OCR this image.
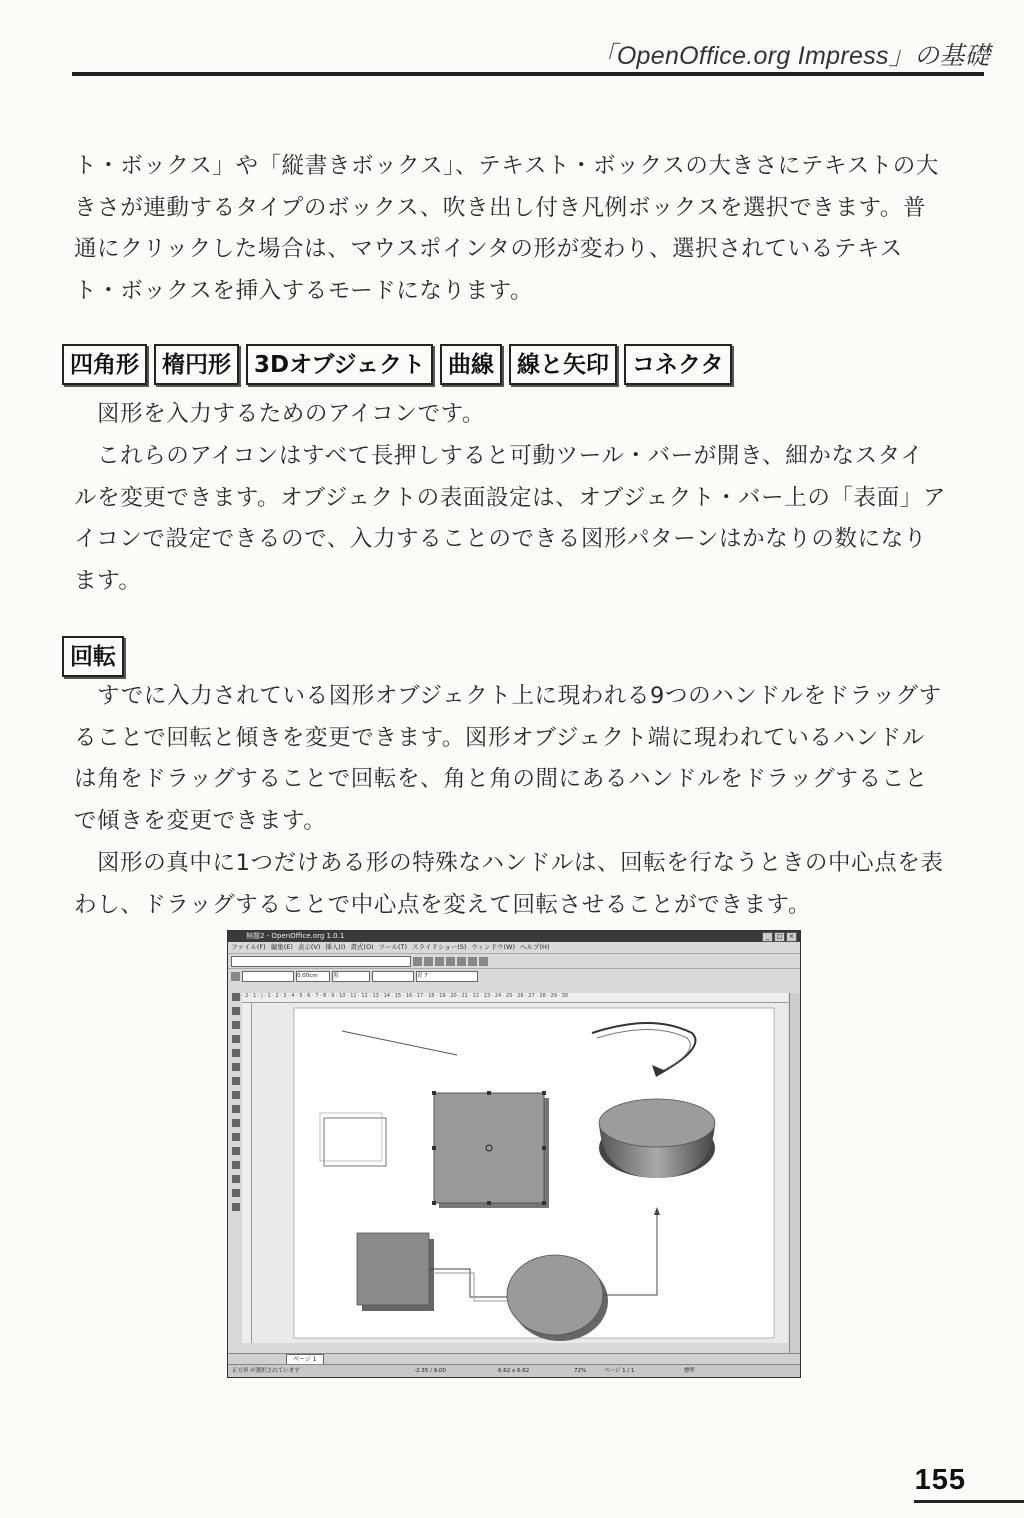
「OpenOffice.org Impress」の基礎

ト・ボックス」や「縦書きボックス」、テキスト・ボックスの大きさにテキストの大きさが連動するタイプのボックス、吹き出し付き凡例ボックスを選択できます。普通にクリックした場合は、マウスポインタの形が変わり、選択されているテキスト・ボックスを挿入するモードになります。

四角形	楕円形	3Dオブジェクト	曲線	線と矢印	コネクタ

図形を入力するためのアイコンです。

これらのアイコンはすべて長押しすると可動ツール・バーが開き、細かなスタイルを変更できます。オブジェクトの表面設定は、オブジェクト・バー上の「表面」アイコンで設定できるので、入力することのできる図形パターンはかなりの数になります。

回転

すでに入力されている図形オブジェクト上に現われる9つのハンドルをドラッグすることで回転と傾きを変更できます。図形オブジェクト端に現われているハンドルは角をドラッグすることで回転を、角と角の間にあるハンドルをドラッグすることで傾きを変更できます。

図形の真中に1つだけある形の特殊なハンドルは、回転を行なうときの中心点を表わし、ドラッグすることで中心点を変えて回転させることができます。

無題2 - OpenOffice.org 1.0.1	_	□	×
ファイル(F) 編集(E) 表示(V) 挿入(I) 書式(O) ツール(T) スライドショー(S) ウィンドウ(W) ヘルプ(H)
0.00cm	黒	青 7
· 2 · 1 · | · 1 · 2 · 3 · 4 · 5 · 6 · 7 · 8 · 9 · 10 · 11 · 12 · 13 · 14 · 15 · 16 · 17 · 18 · 19 · 20 · 21 · 22 · 23 · 24 · 25 · 26 · 27 · 28 · 29 · 30
ページ 1
正方形 が選択されています	-2.35 / 9.00	6.62 x 6.62	72%	ページ 1 / 1	標準
155
